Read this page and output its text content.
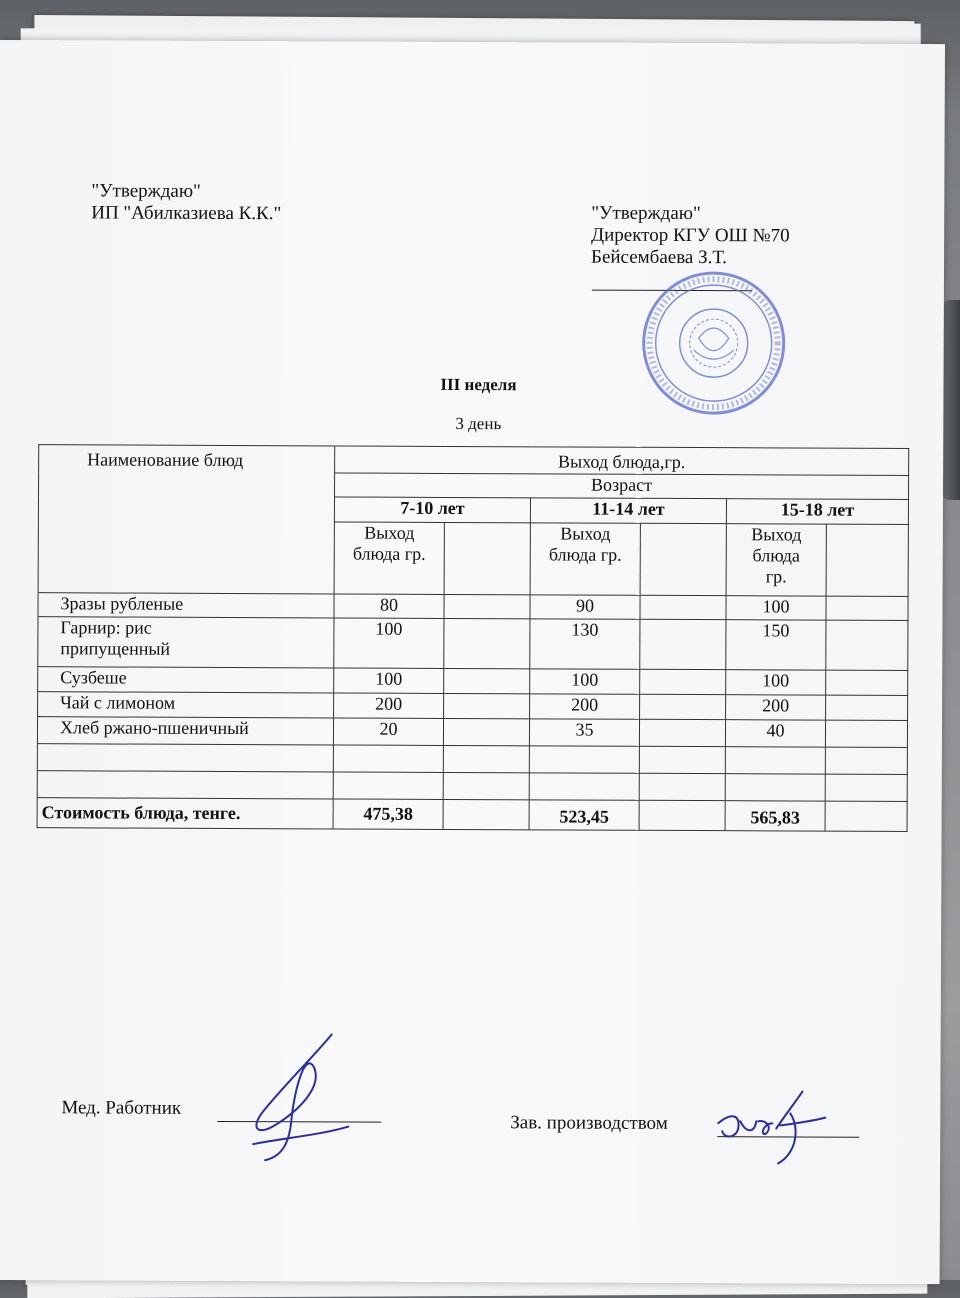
"Утверждаю"
ИП "Абилказиева К.К."	"Утверждаю"
Директор КГУ ОШ №70
Бейсембаева З.Т.
III неделя
3 день
Наименование блюд	Выход блюда,гр.					
	Возраст					
	7-10 лет		11-14 лет		15-18 лет	
	Выход блюда гр.		Выход блюда гр.		Выход блюда гр.	
Зразы рубленые	80		90		100	
Гарнир: рис припущенный	100		130		150	
Сузбеше	100		100		100	
Чай с лимоном	200		200		200	
Хлеб ржано-пшеничный	20		35		40	

Стоимость блюда, тенге.	475,38		523,45		565,83	
Мед. Работник
Зав. производством
